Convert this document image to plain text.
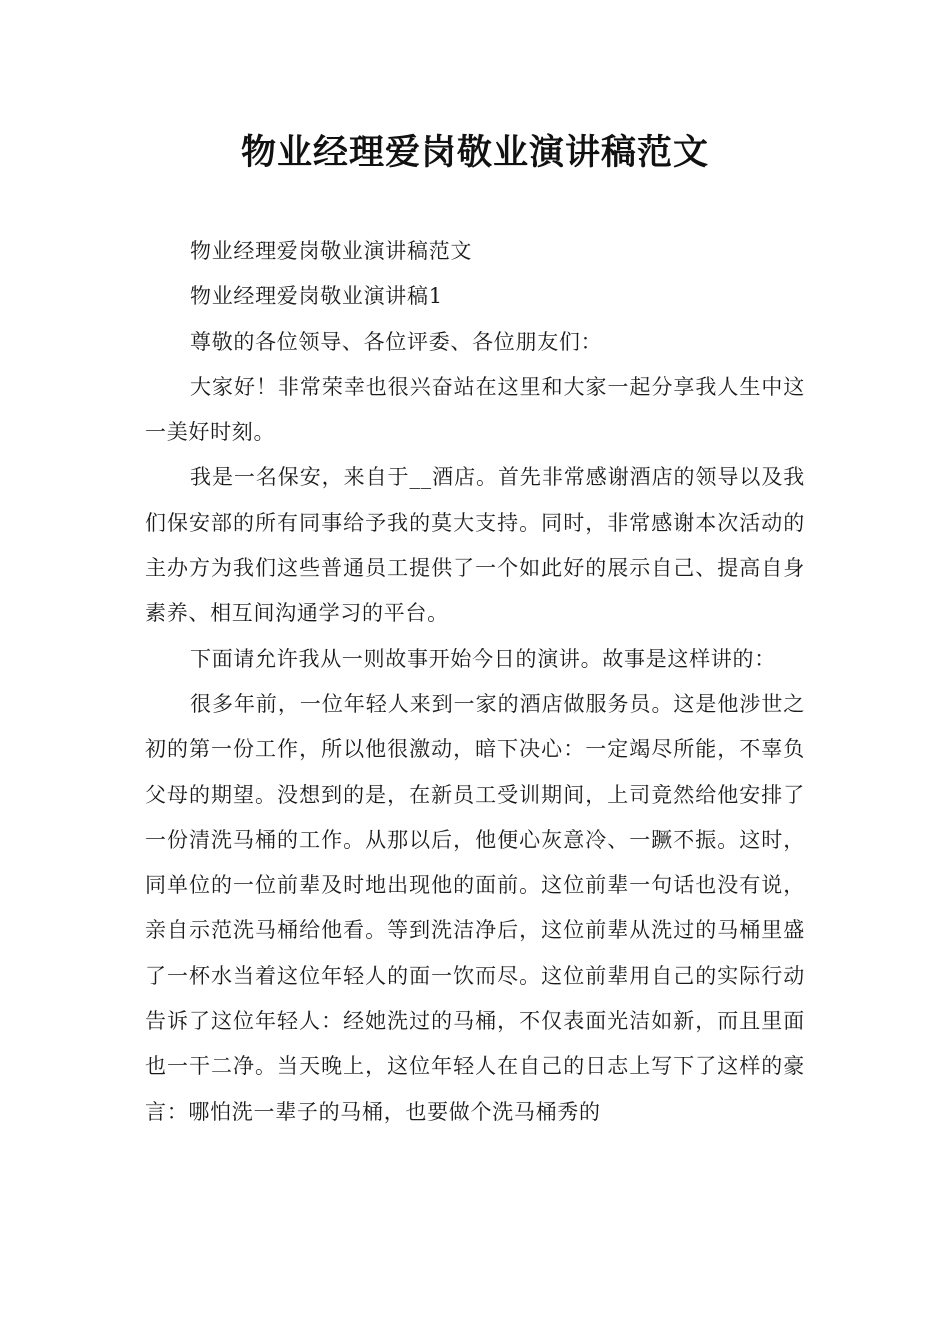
物业经理爱岗敬业演讲稿范文

物业经理爱岗敬业演讲稿范文

物业经理爱岗敬业演讲稿1

尊敬的各位领导、各位评委、各位朋友们：

大家好！非常荣幸也很兴奋站在这里和大家一起分享我人生中这一美好时刻。

我是一名保安，来自于__酒店。首先非常感谢酒店的领导以及我们保安部的所有同事给予我的莫大支持。同时，非常感谢本次活动的主办方为我们这些普通员工提供了一个如此好的展示自己、提高自身素养、相互间沟通学习的平台。

下面请允许我从一则故事开始今日的演讲。故事是这样讲的：

很多年前，一位年轻人来到一家的酒店做服务员。这是他涉世之初的第一份工作，所以他很激动，暗下决心：一定竭尽所能，不辜负父母的期望。没想到的是，在新员工受训期间，上司竟然给他安排了一份清洗马桶的工作。从那以后，他便心灰意冷、一蹶不振。这时，同单位的一位前辈及时地出现他的面前。这位前辈一句话也没有说，亲自示范洗马桶给他看。等到洗洁净后，这位前辈从洗过的马桶里盛了一杯水当着这位年轻人的面一饮而尽。这位前辈用自己的实际行动告诉了这位年轻人：经她洗过的马桶，不仅表面光洁如新，而且里面也一干二净。当天晚上，这位年轻人在自己的日志上写下了这样的豪言：哪怕洗一辈子的马桶，也要做个洗马桶秀的
